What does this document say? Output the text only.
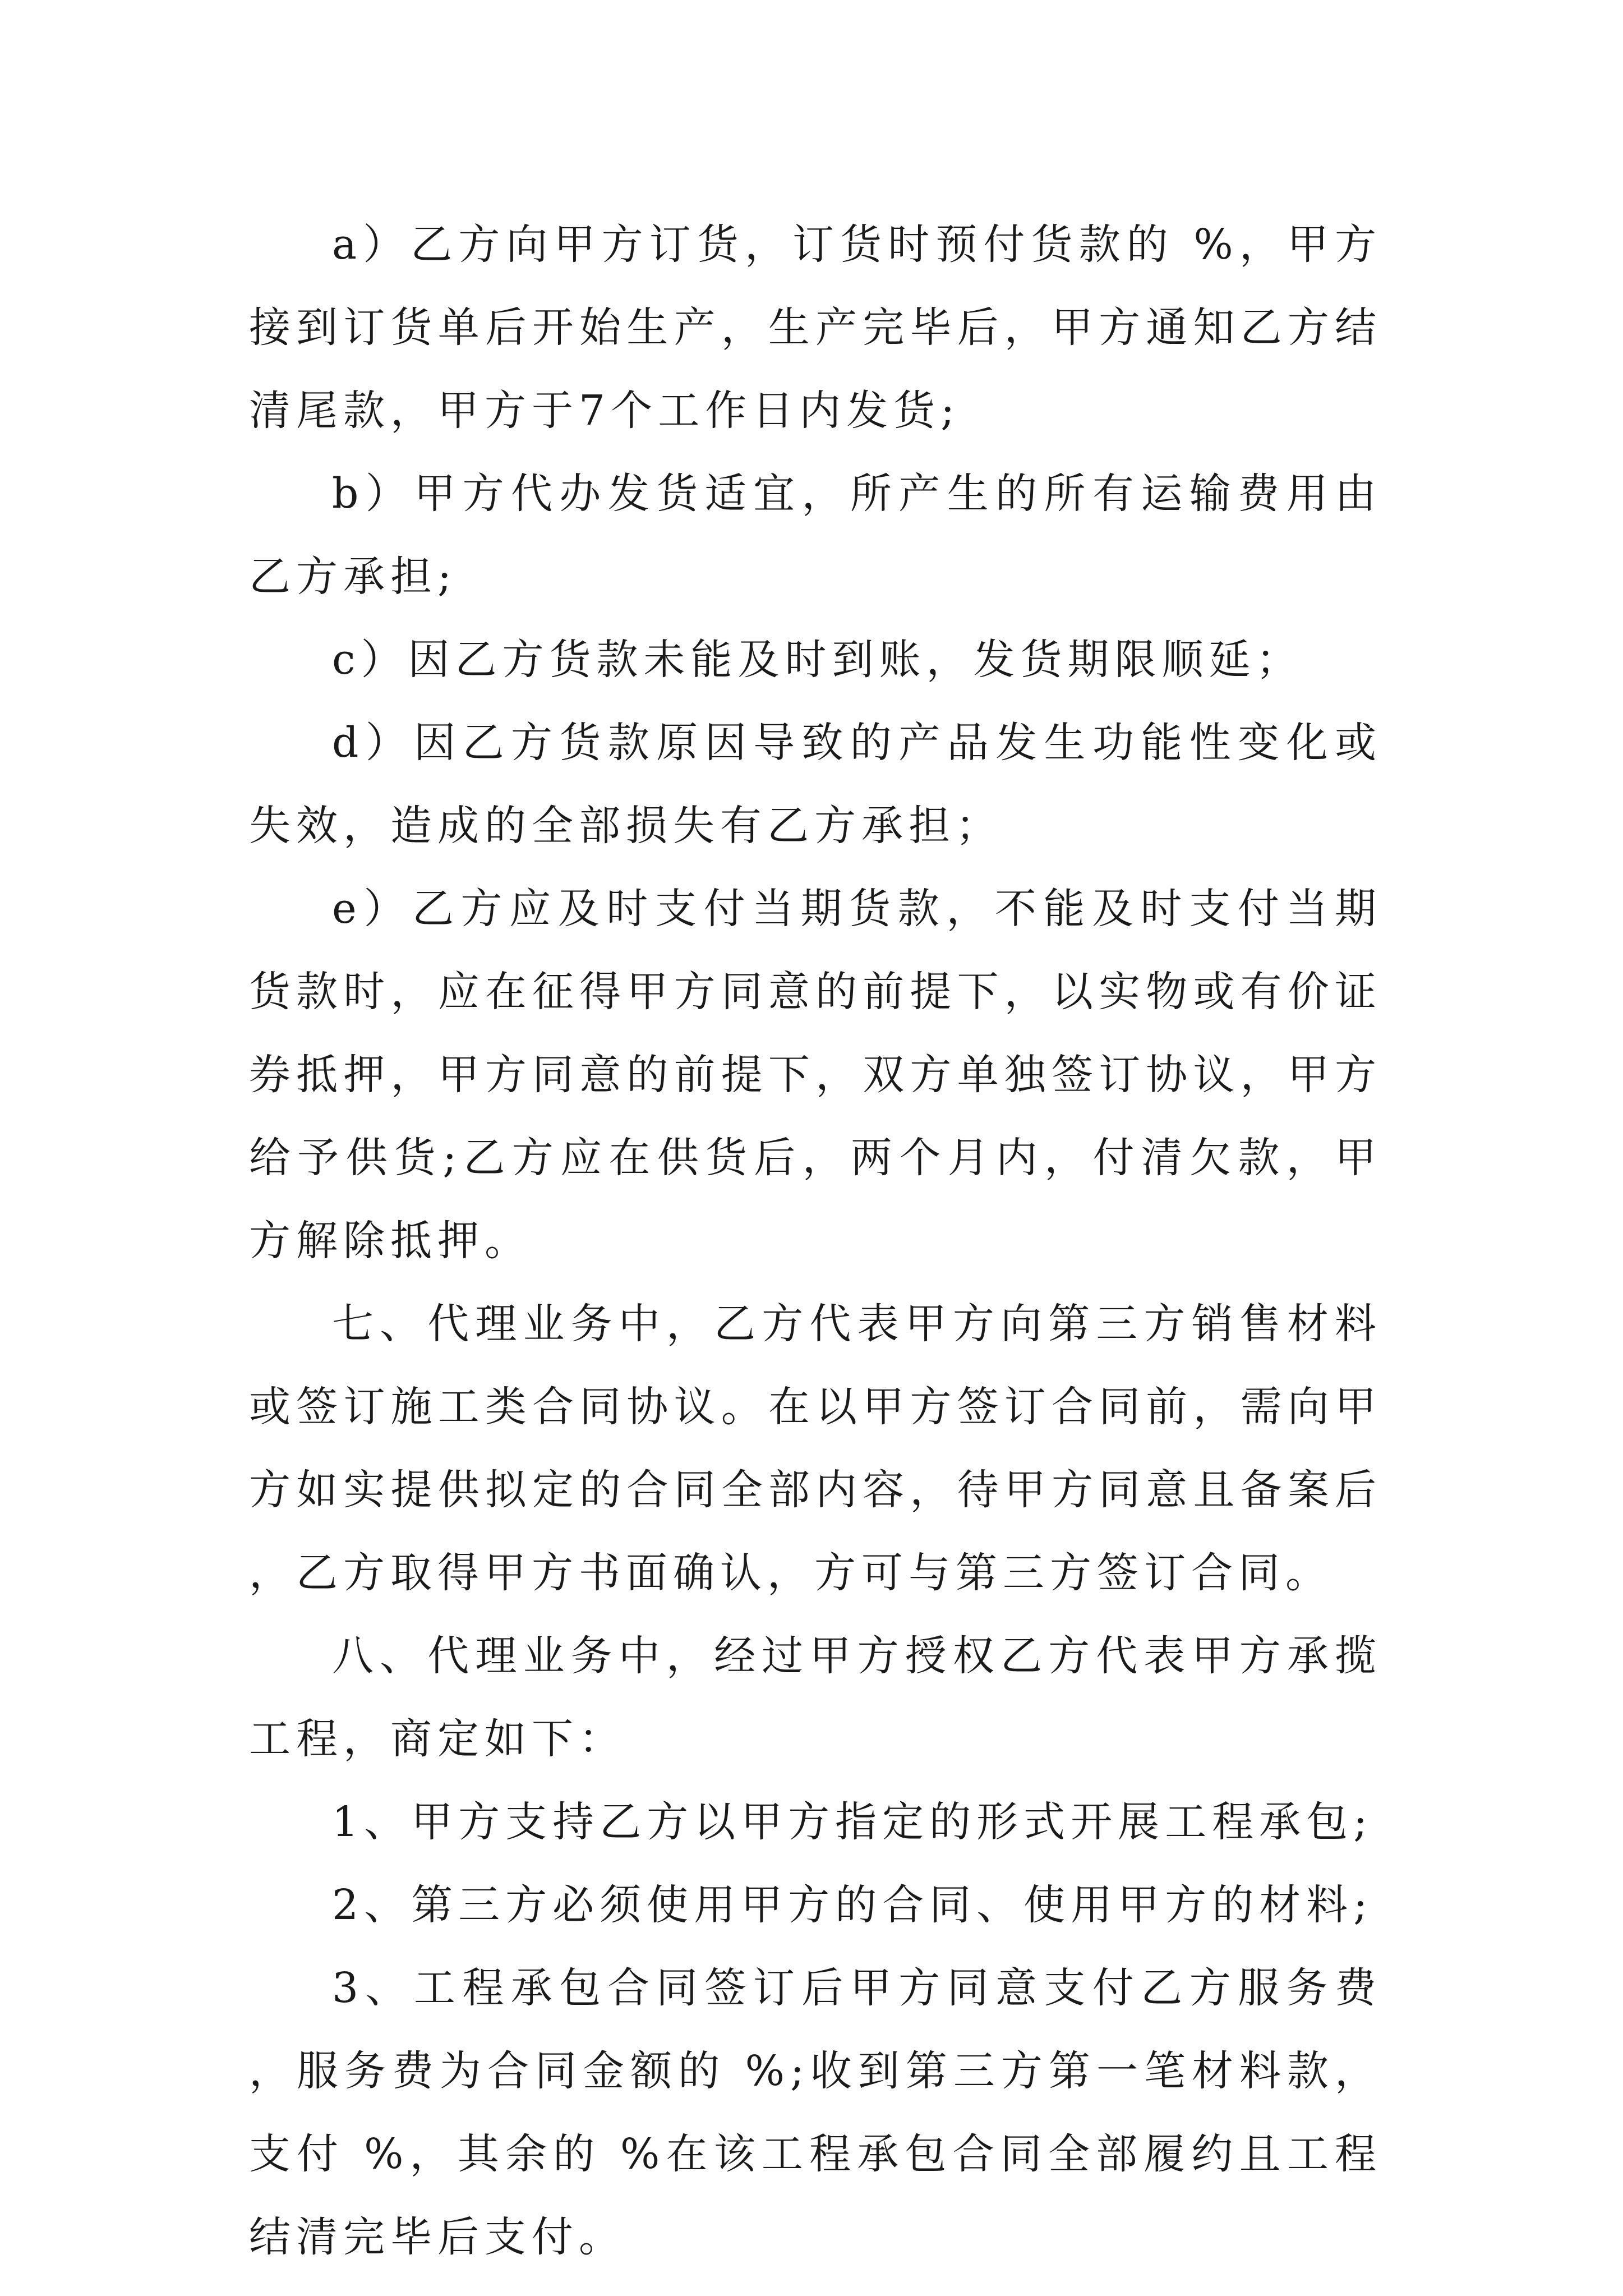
a）乙方向甲方订货，订货时预付货款的 %，甲方接到订货单后开始生产，生产完毕后，甲方通知乙方结清尾款，甲方于7个工作日内发货;

b）甲方代办发货适宜，所产生的所有运输费用由乙方承担;

c）因乙方货款未能及时到账，发货期限顺延；

d）因乙方货款原因导致的产品发生功能性变化或失效，造成的全部损失有乙方承担；

e）乙方应及时支付当期货款，不能及时支付当期货款时，应在征得甲方同意的前提下，以实物或有价证券抵押，甲方同意的前提下，双方单独签订协议，甲方给予供货;乙方应在供货后，两个月内，付清欠款，甲方解除抵押。

七、代理业务中，乙方代表甲方向第三方销售材料或签订施工类合同协议。在以甲方签订合同前，需向甲方如实提供拟定的合同全部内容，待甲方同意且备案后，乙方取得甲方书面确认，方可与第三方签订合同。

八、代理业务中，经过甲方授权乙方代表甲方承揽工程，商定如下：

1、甲方支持乙方以甲方指定的形式开展工程承包;

2、第三方必须使用甲方的合同、使用甲方的材料;

3、工程承包合同签订后甲方同意支付乙方服务费，服务费为合同金额的 %;收到第三方第一笔材料款，支付 %，其余的 %在该工程承包合同全部履约且工程结清完毕后支付。
